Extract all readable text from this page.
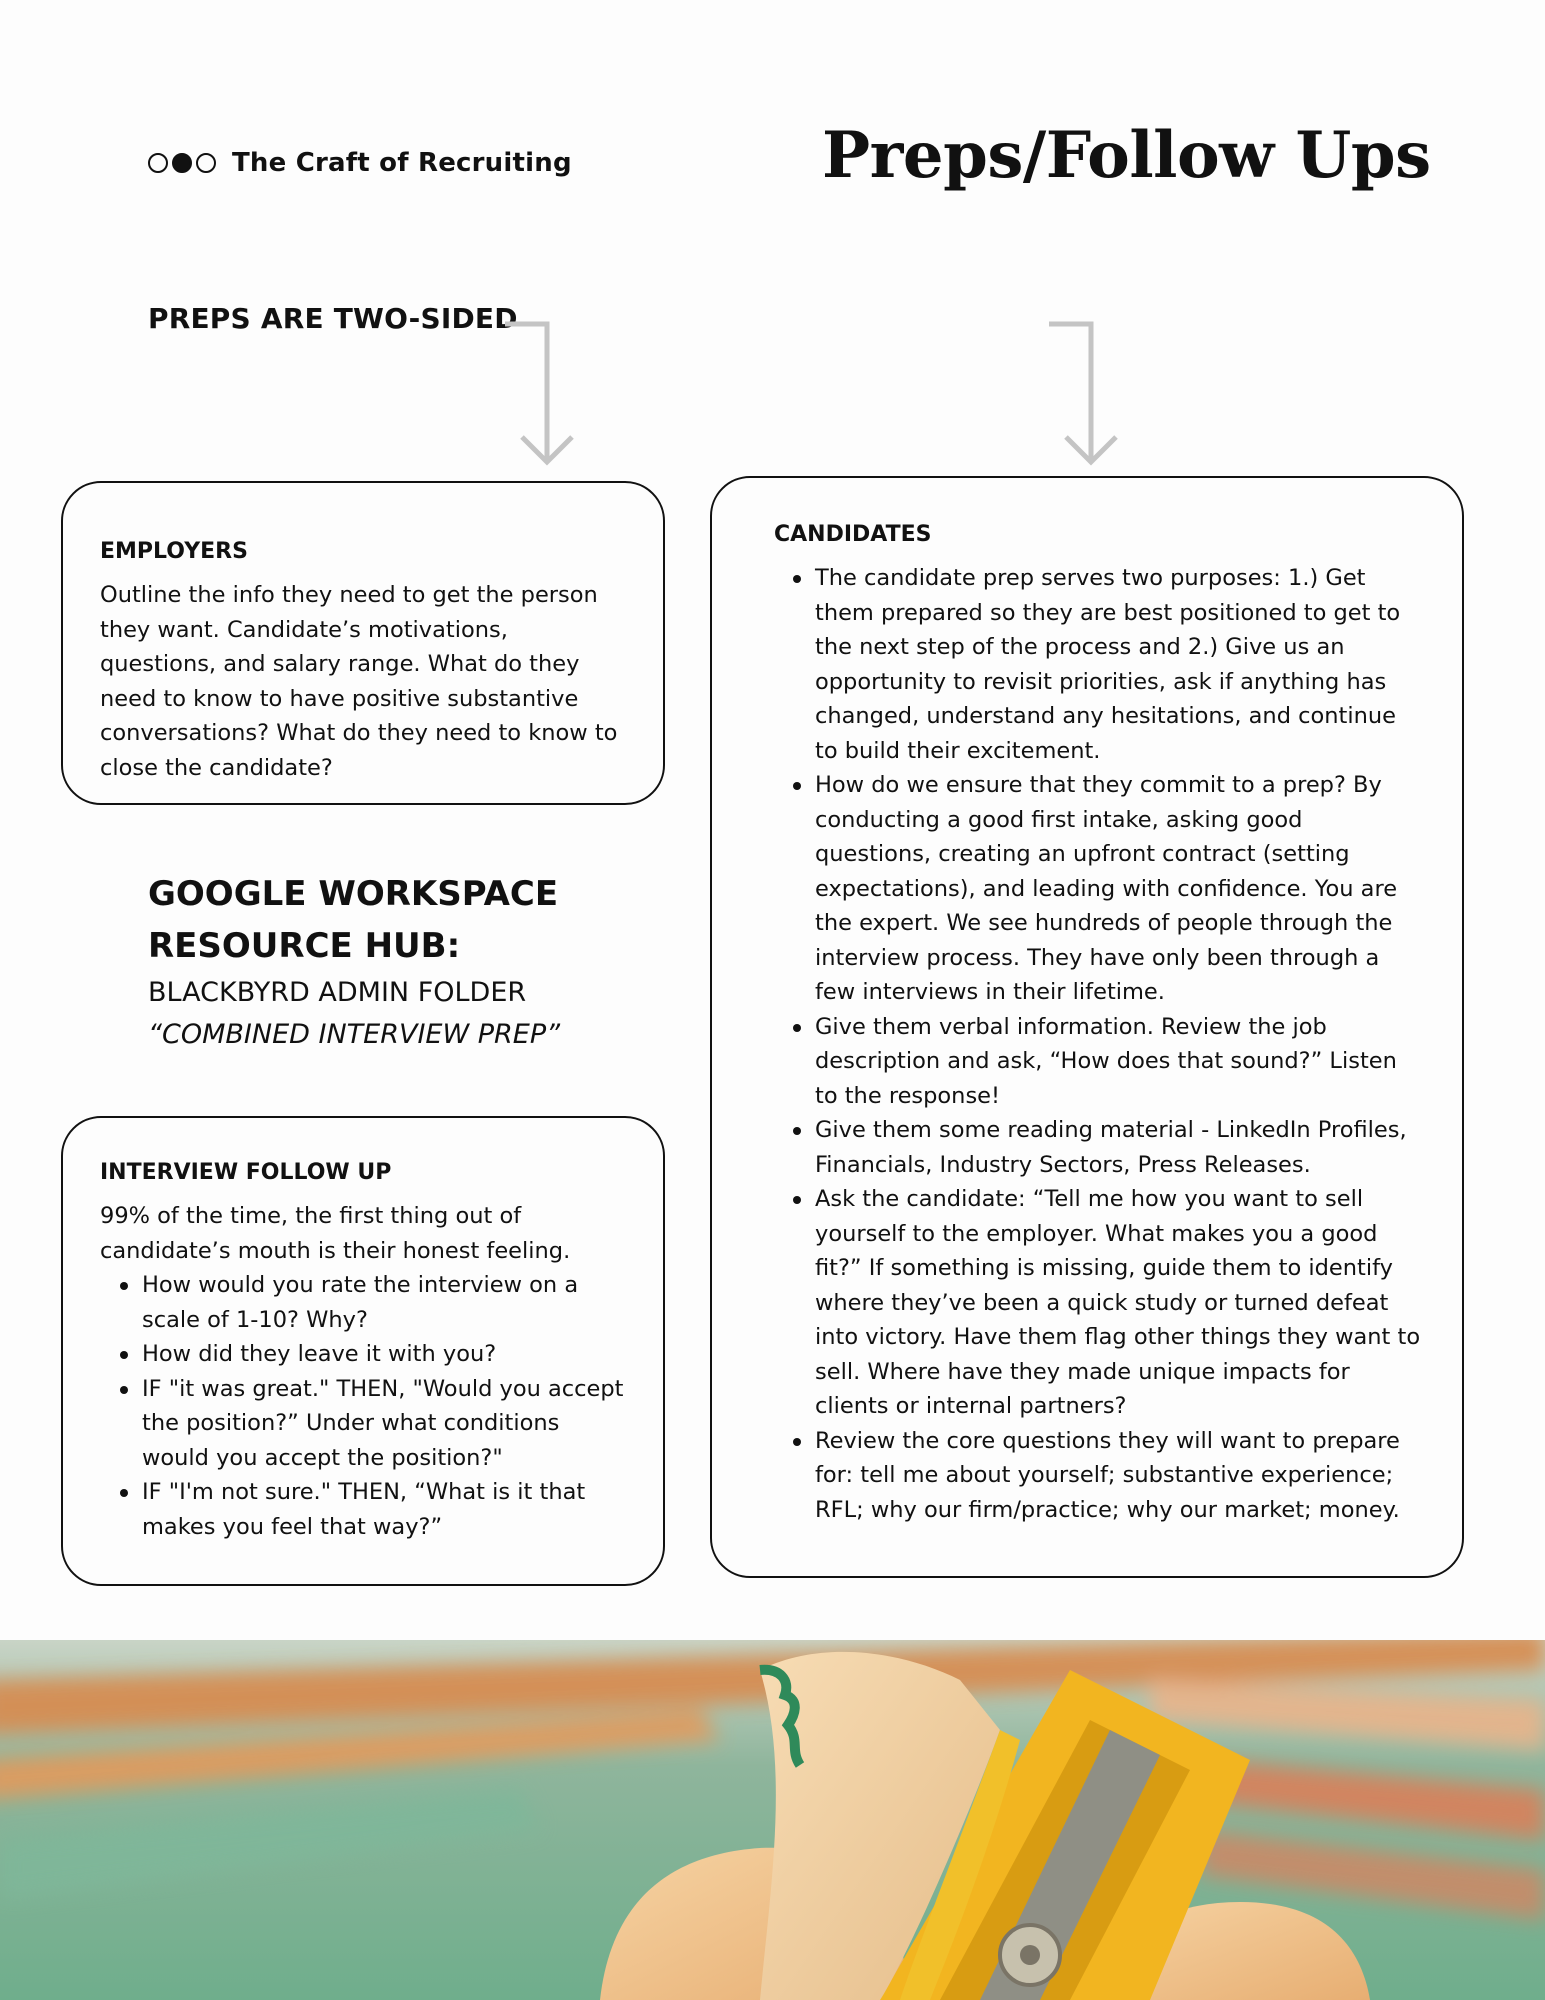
The Craft of Recruiting	Preps/Follow Ups
PREPS ARE TWO-SIDED
EMPLOYERS

Outline the info they need to get the person they want. Candidate’s motivations, questions, and salary range. What do they need to know to have positive substantive conversations? What do they need to know to close the candidate?

GOOGLE WORKSPACE

RESOURCE HUB:

BLACKBYRD ADMIN FOLDER

“COMBINED INTERVIEW PREP”

INTERVIEW FOLLOW UP

99% of the time, the first thing out of candidate’s mouth is their honest feeling.

How would you rate the interview on a scale of 1-10? Why?
How did they leave it with you?
IF "it was great." THEN, "Would you accept the position?” Under what conditions would you accept the position?"
IF "I'm not sure." THEN, “What is it that makes you feel that way?”
CANDIDATES
The candidate prep serves two purposes: 1.) Get them prepared so they are best positioned to get to the next step of the process and 2.) Give us an opportunity to revisit priorities, ask if anything has changed, understand any hesitations, and continue to build their excitement.
How do we ensure that they commit to a prep? By conducting a good first intake, asking good questions, creating an upfront contract (setting expectations), and leading with confidence. You are the expert. We see hundreds of people through the interview process. They have only been through a few interviews in their lifetime.
Give them verbal information. Review the job description and ask, “How does that sound?” Listen to the response!
Give them some reading material - LinkedIn Profiles, Financials, Industry Sectors, Press Releases.
Ask the candidate: “Tell me how you want to sell yourself to the employer. What makes you a good fit?” If something is missing, guide them to identify where they’ve been a quick study or turned defeat into victory. Have them flag other things they want to sell. Where have they made unique impacts for clients or internal partners?
Review the core questions they will want to prepare for: tell me about yourself; substantive experience; RFL; why our firm/practice; why our market; money.
